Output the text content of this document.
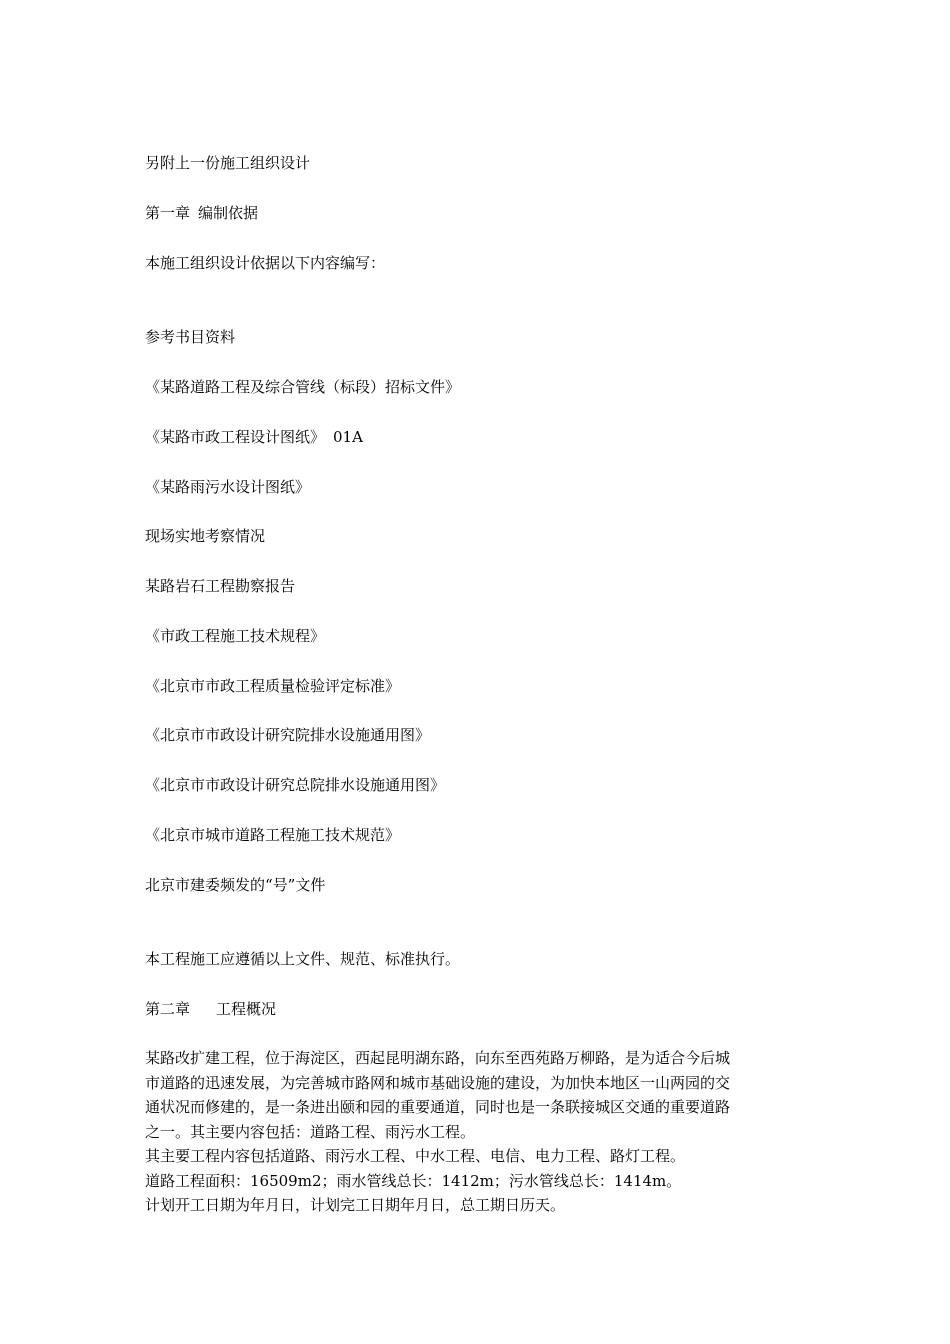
另附上一份施工组织设计
第一章 编制依据
本施工组织设计依据以下内容编写：
参考书目资料
《某路道路工程及综合管线（标段）招标文件》
《某路市政工程设计图纸》 01A
《某路雨污水设计图纸》
现场实地考察情况
某路岩石工程勘察报告
《市政工程施工技术规程》
《北京市市政工程质量检验评定标准》
《北京市市政设计研究院排水设施通用图》
《北京市市政设计研究总院排水设施通用图》
《北京市城市道路工程施工技术规范》
北京市建委频发的“号”文件
本工程施工应遵循以上文件、规范、标准执行。
第二章 工程概况
某路改扩建工程，位于海淀区，西起昆明湖东路，向东至西苑路万柳路，是为适合今后城
市道路的迅速发展，为完善城市路网和城市基础设施的建设，为加快本地区一山两园的交
通状况而修建的，是一条进出颐和园的重要通道，同时也是一条联接城区交通的重要道路
之一。其主要内容包括：道路工程、雨污水工程。
其主要工程内容包括道路、雨污水工程、中水工程、电信、电力工程、路灯工程。
道路工程面积：16509m2；雨水管线总长：1412m；污水管线总长：1414m。
计划开工日期为年月日，计划完工日期年月日，总工期日历天。
